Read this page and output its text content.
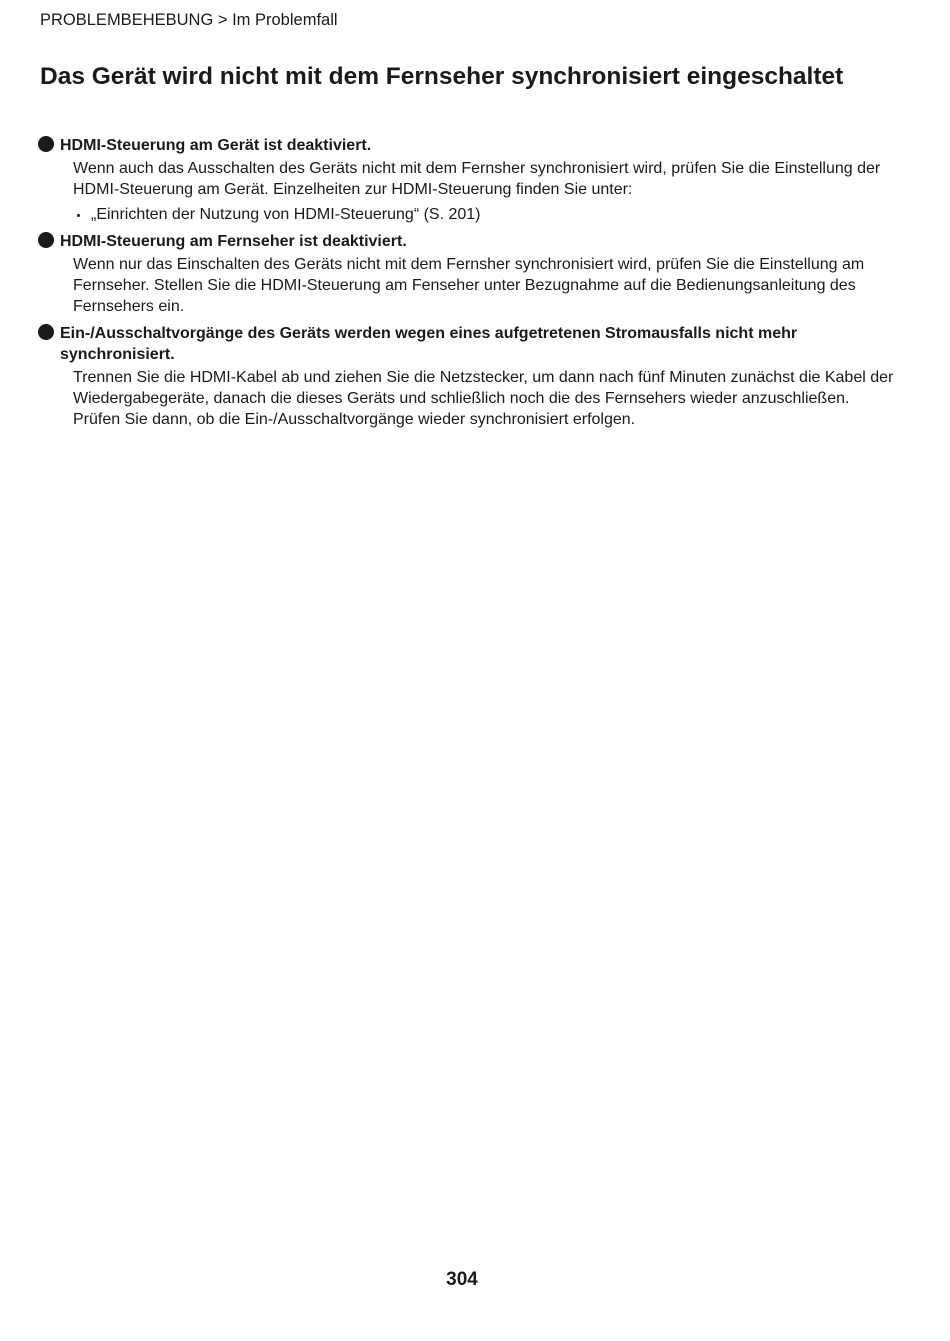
PROBLEMBEHEBUNG > Im Problemfall
Das Gerät wird nicht mit dem Fernseher synchronisiert eingeschaltet
HDMI-Steuerung am Gerät ist deaktiviert.

Wenn auch das Ausschalten des Geräts nicht mit dem Fernsher synchronisiert wird, prüfen Sie die Einstellung der HDMI-Steuerung am Gerät. Einzelheiten zur HDMI-Steuerung finden Sie unter:

„Einrichten der Nutzung von HDMI-Steuerung“ (S. 201)
HDMI-Steuerung am Fernseher ist deaktiviert.

Wenn nur das Einschalten des Geräts nicht mit dem Fernsher synchronisiert wird, prüfen Sie die Einstellung am Fernseher. Stellen Sie die HDMI-Steuerung am Fenseher unter Bezugnahme auf die Bedienungsanleitung des Fernsehers ein.

Ein-/Ausschaltvorgänge des Geräts werden wegen eines aufgetretenen Stromausfalls nicht mehr synchronisiert.

Trennen Sie die HDMI-Kabel ab und ziehen Sie die Netzstecker, um dann nach fünf Minuten zunächst die Kabel der Wiedergabegeräte, danach die dieses Geräts und schließlich noch die des Fernsehers wieder anzuschließen. Prüfen Sie dann, ob die Ein-/Ausschaltvorgänge wieder synchronisiert erfolgen.

304
